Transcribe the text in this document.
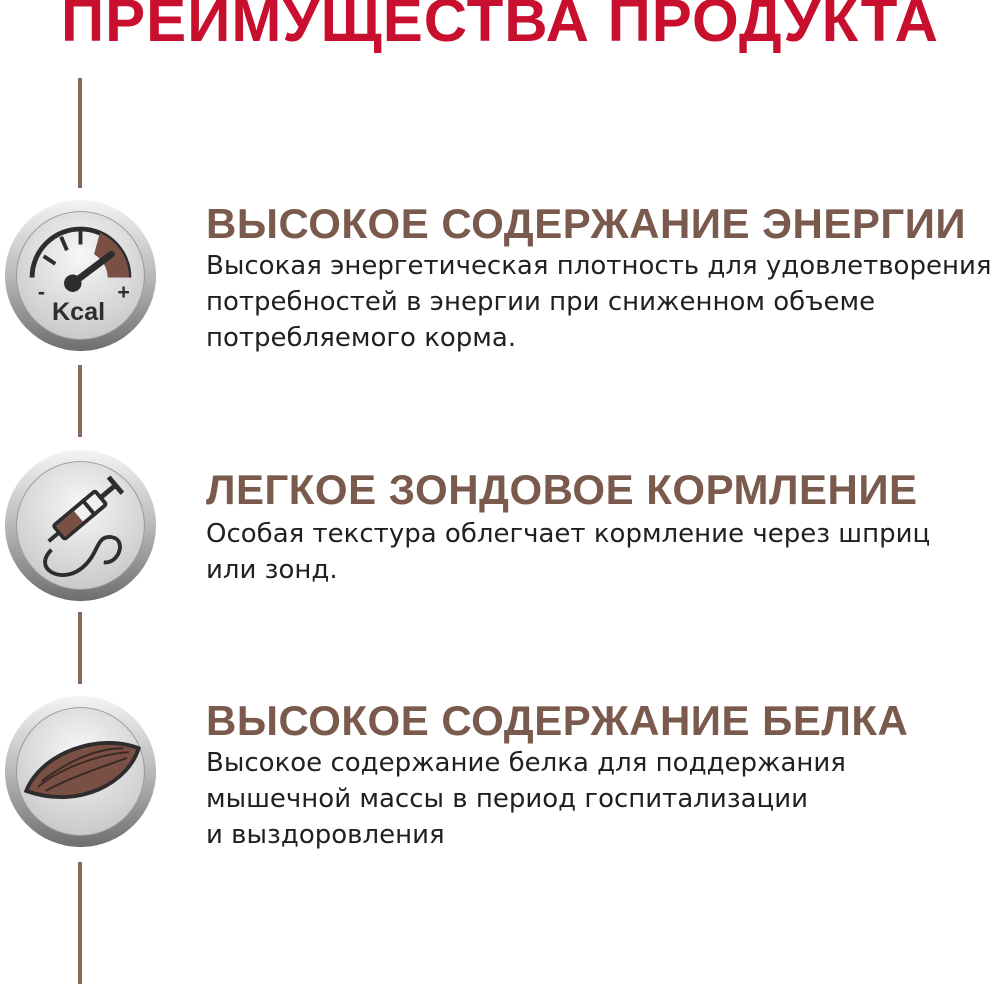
ПРЕИМУЩЕСТВА ПРОДУКТА
Kcal
-	+
ВЫСОКОЕ СОДЕРЖАНИЕ ЭНЕРГИИ
Высокая энергетическая плотность для удовлетворения
потребностей в энергии при сниженном объеме
потребляемого корма.
ЛЕГКОЕ ЗОНДОВОЕ КОРМЛЕНИЕ
Особая текстура облегчает кормление через шприц
или зонд.
ВЫСОКОЕ СОДЕРЖАНИЕ БЕЛКА
Высокое содержание белка для поддержания
мышечной массы в период госпитализации
и выздоровления
